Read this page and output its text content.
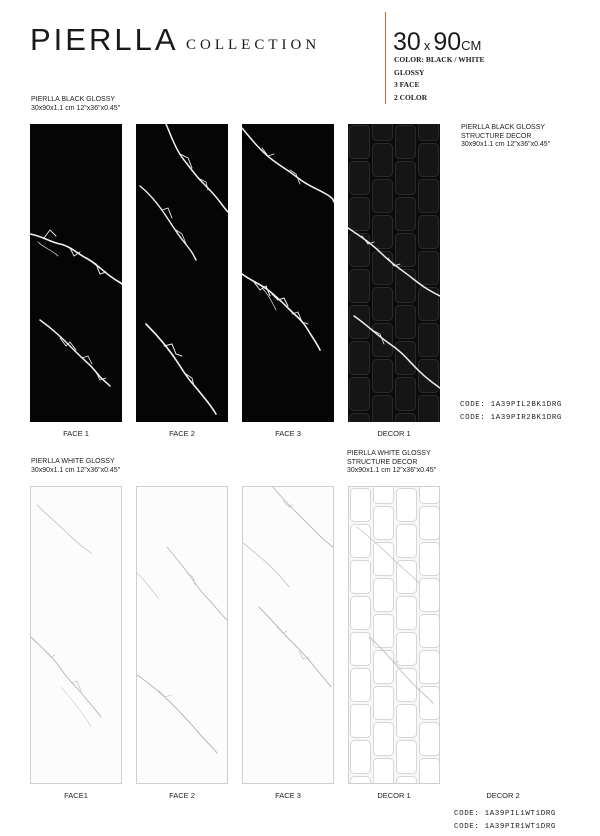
PIERLLA COLLECTION	30 x 90CM
COLOR: BLACK / WHITE
GLOSSY
3 FACE
2 COLOR
PIERLLA BLACK GLOSSY
30x90x1.1 cm 12"x36"x0.45"
PIERLLA BLACK GLOSSY
STRUCTURE DECOR
30x90x1.1 cm 12"x36"x0.45"
CODE: 1A39PIL2BK1DRG
CODE: 1A39PIR2BK1DRG
FACE 1	FACE 2	FACE 3	DECOR 1
PIERLLA WHITE GLOSSY
30x90x1.1 cm 12"x36"x0.45"
PIERLLA WHITE GLOSSY
STRUCTURE DECOR
30x90x1.1 cm 12"x36"x0.45"
FACE1	FACE 2	FACE 3	DECOR 1	DECOR 2
CODE: 1A39PIL1WT1DRG
CODE: 1A39PIR1WT1DRG
